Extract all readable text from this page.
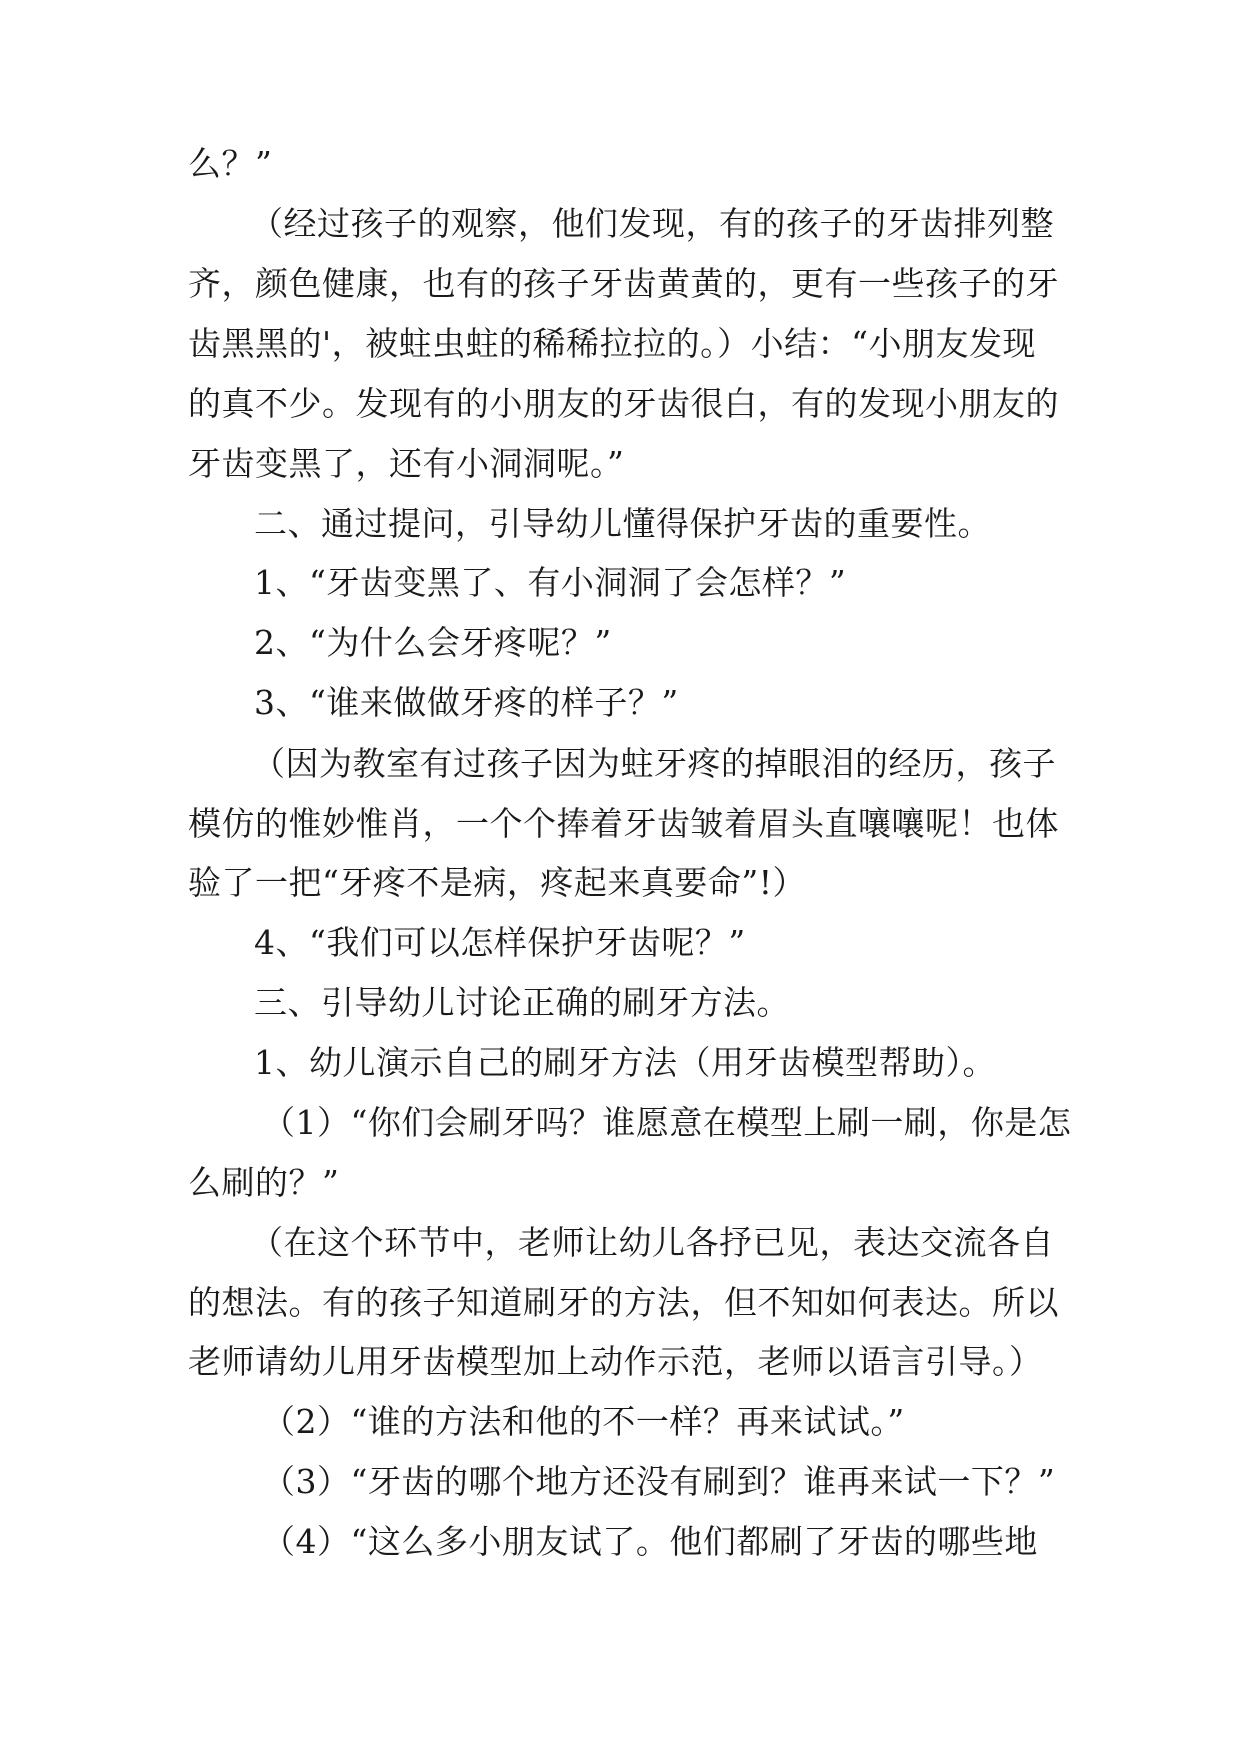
么？”
（经过孩子的观察，他们发现，有的孩子的牙齿排列整
齐，颜色健康，也有的孩子牙齿黄黄的，更有一些孩子的牙
齿黑黑的'，被蛀虫蛀的稀稀拉拉的。）小结：“小朋友发现
的真不少。发现有的小朋友的牙齿很白，有的发现小朋友的
牙齿变黑了，还有小洞洞呢。”
二、通过提问，引导幼儿懂得保护牙齿的重要性。
1、“牙齿变黑了、有小洞洞了会怎样？”
2、“为什么会牙疼呢？”
3、“谁来做做牙疼的样子？”
（因为教室有过孩子因为蛀牙疼的掉眼泪的经历，孩子
模仿的惟妙惟肖，一个个捧着牙齿皱着眉头直嚷嚷呢！也体
验了一把“牙疼不是病，疼起来真要命”!）
4、“我们可以怎样保护牙齿呢？”
三、引导幼儿讨论正确的刷牙方法。
1、幼儿演示自己的刷牙方法（用牙齿模型帮助）。
（1）“你们会刷牙吗？谁愿意在模型上刷一刷，你是怎
么刷的？”
（在这个环节中，老师让幼儿各抒已见，表达交流各自
的想法。有的孩子知道刷牙的方法，但不知如何表达。所以
老师请幼儿用牙齿模型加上动作示范，老师以语言引导。）
（2）“谁的方法和他的不一样？再来试试。”
（3）“牙齿的哪个地方还没有刷到？谁再来试一下？”
（4）“这么多小朋友试了。他们都刷了牙齿的哪些地
